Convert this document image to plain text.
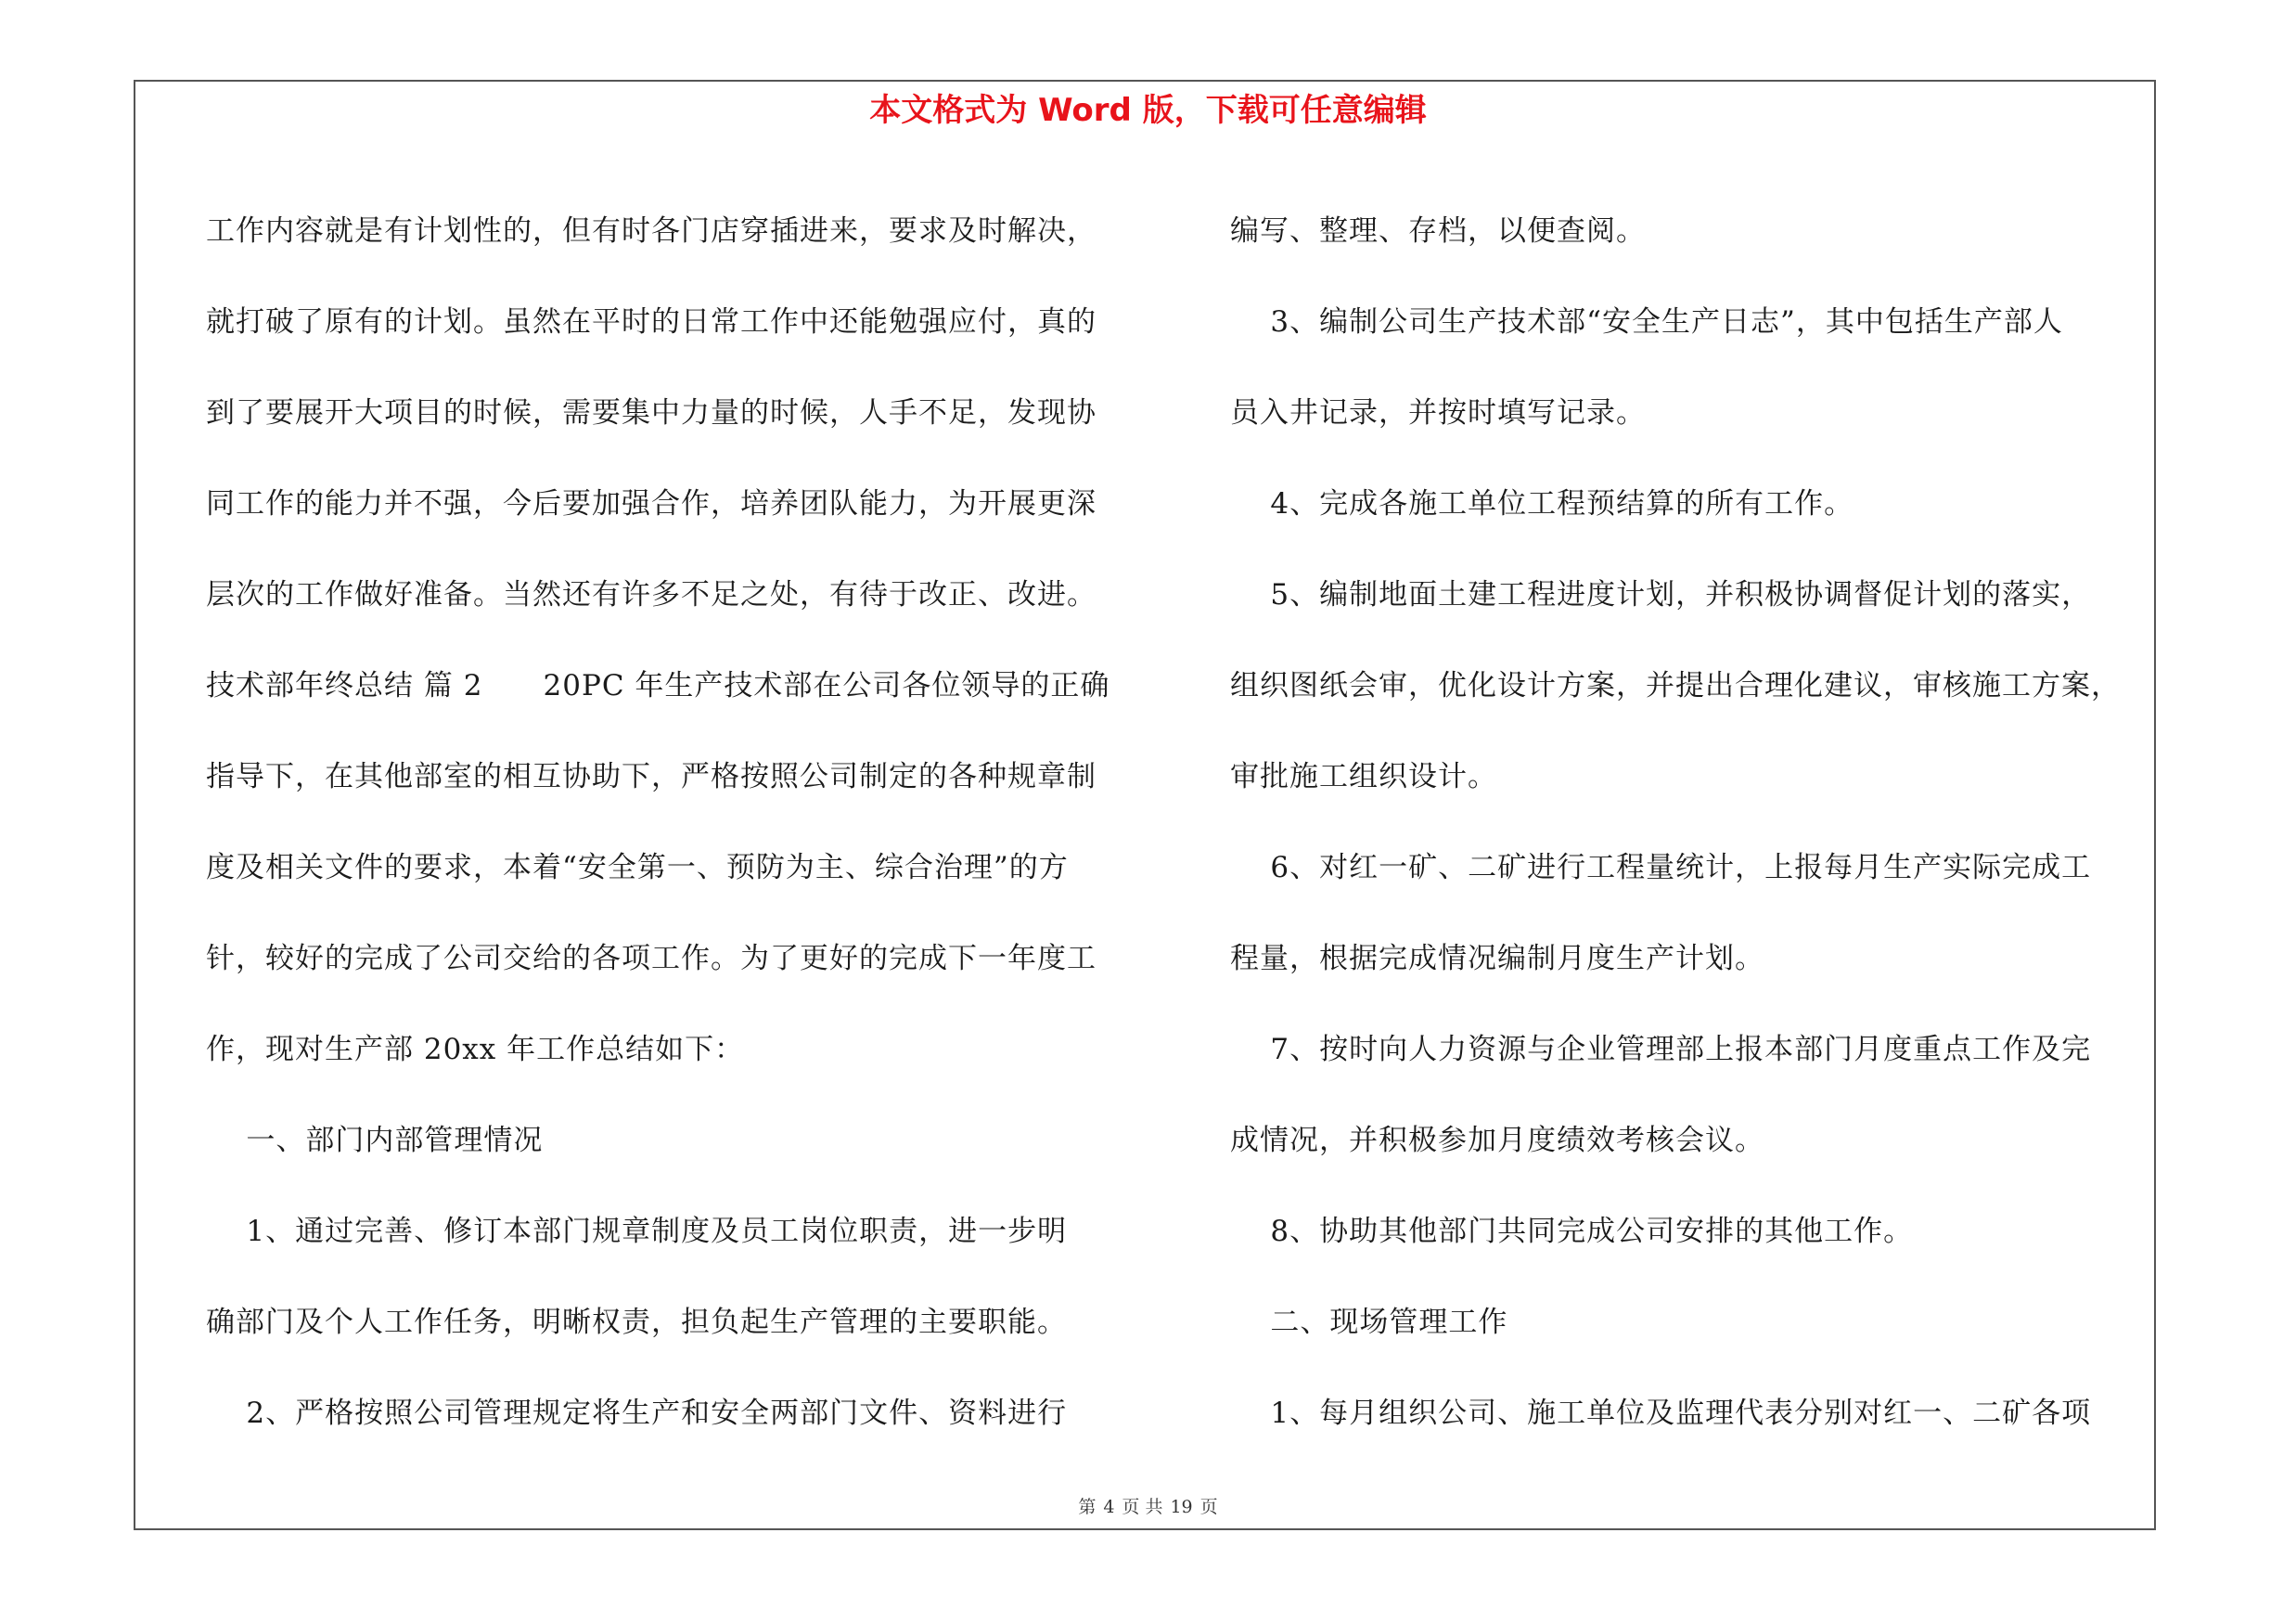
本文格式为 Word 版，下载可任意编辑
工作内容就是有计划性的，但有时各门店穿插进来，要求及时解决，
就打破了原有的计划。虽然在平时的日常工作中还能勉强应付，真的
到了要展开大项目的时候，需要集中力量的时候，人手不足，发现协
同工作的能力并不强，今后要加强合作，培养团队能力，为开展更深
层次的工作做好准备。当然还有许多不足之处，有待于改正、改进。
技术部年终总结 篇 2      20PC 年生产技术部在公司各位领导的正确
指导下，在其他部室的相互协助下，严格按照公司制定的各种规章制
度及相关文件的要求，本着“安全第一、预防为主、综合治理”的方
针，较好的完成了公司交给的各项工作。为了更好的完成下一年度工
作，现对生产部 20xx 年工作总结如下：
一、部门内部管理情况
1、通过完善、修订本部门规章制度及员工岗位职责，进一步明
确部门及个人工作任务，明晰权责，担负起生产管理的主要职能。
2、严格按照公司管理规定将生产和安全两部门文件、资料进行
编写、整理、存档，以便查阅。
3、编制公司生产技术部“安全生产日志”，其中包括生产部人
员入井记录，并按时填写记录。
4、完成各施工单位工程预结算的所有工作。
5、编制地面土建工程进度计划，并积极协调督促计划的落实，
组织图纸会审，优化设计方案，并提出合理化建议，审核施工方案，
审批施工组织设计。
6、对红一矿、二矿进行工程量统计，上报每月生产实际完成工
程量，根据完成情况编制月度生产计划。
7、按时向人力资源与企业管理部上报本部门月度重点工作及完
成情况，并积极参加月度绩效考核会议。
8、协助其他部门共同完成公司安排的其他工作。
二、现场管理工作
1、每月组织公司、施工单位及监理代表分别对红一、二矿各项
第 4 页 共 19 页
